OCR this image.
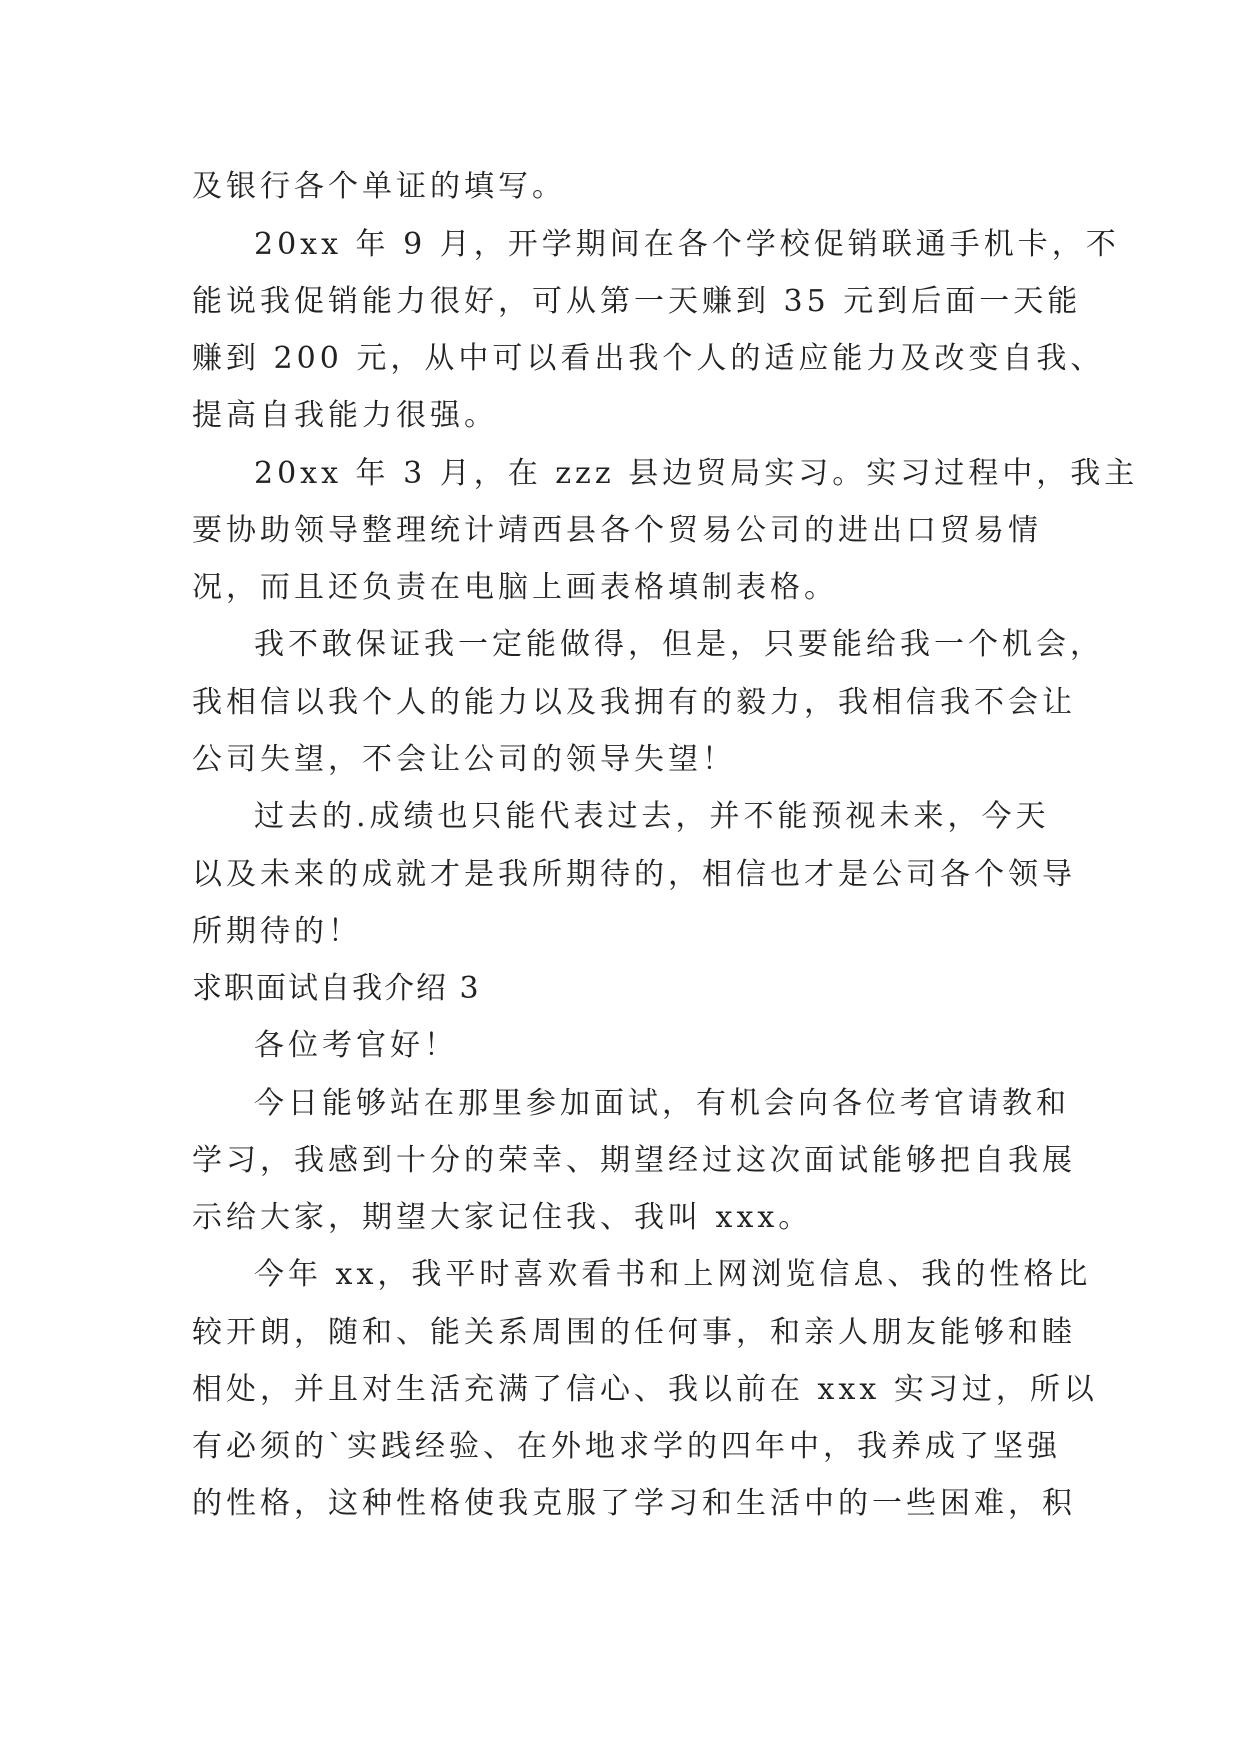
及银行各个单证的填写。

20xx 年 9 月，开学期间在各个学校促销联通手机卡，不

能说我促销能力很好，可从第一天赚到 35 元到后面一天能

赚到 200 元，从中可以看出我个人的适应能力及改变自我、

提高自我能力很强。

20xx 年 3 月，在 zzz 县边贸局实习。实习过程中，我主

要协助领导整理统计靖西县各个贸易公司的进出口贸易情

况，而且还负责在电脑上画表格填制表格。

我不敢保证我一定能做得，但是，只要能给我一个机会，

我相信以我个人的能力以及我拥有的毅力，我相信我不会让

公司失望，不会让公司的领导失望！

过去的.成绩也只能代表过去，并不能预视未来，今天

以及未来的成就才是我所期待的，相信也才是公司各个领导

所期待的！

求职面试自我介绍 3

各位考官好！

今日能够站在那里参加面试，有机会向各位考官请教和

学习，我感到十分的荣幸、期望经过这次面试能够把自我展

示给大家，期望大家记住我、我叫 xxx。

今年 xx，我平时喜欢看书和上网浏览信息、我的性格比

较开朗，随和、能关系周围的任何事，和亲人朋友能够和睦

相处，并且对生活充满了信心、我以前在 xxx 实习过，所以

有必须的`实践经验、在外地求学的四年中，我养成了坚强

的性格，这种性格使我克服了学习和生活中的一些困难，积
